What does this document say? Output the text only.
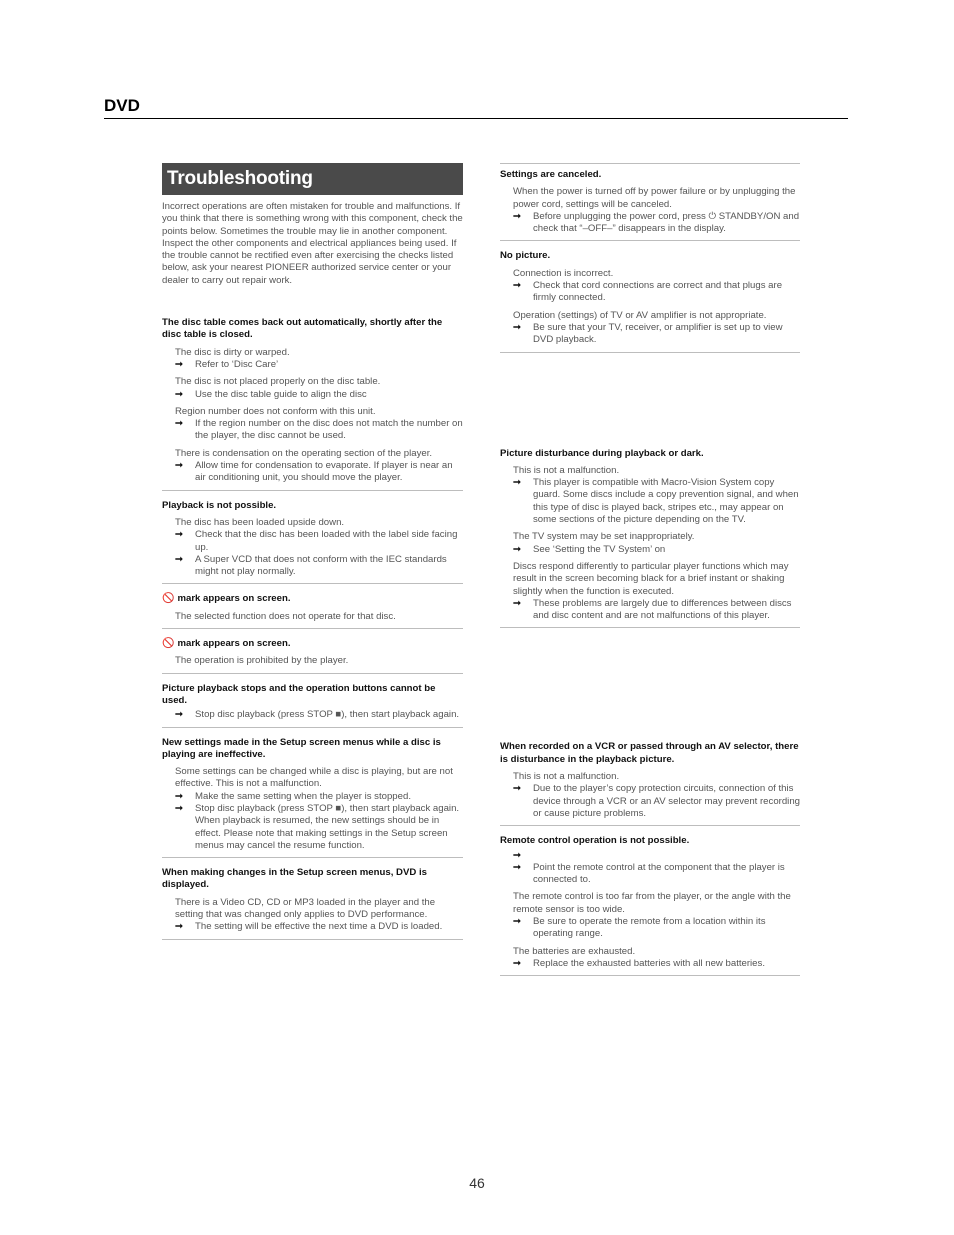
DVD
Troubleshooting
Incorrect operations are often mistaken for trouble and malfunctions. If you think that there is something wrong with this component, check the points below. Sometimes the trouble may lie in another component. Inspect the other components and electrical appliances being used. If the trouble cannot be rectified even after exercising the checks listed below, ask your nearest PIONEER authorized service center or your dealer to carry out repair work.
The disc table comes back out automatically, shortly after the disc table is closed.
The disc is dirty or warped.
➞	Refer to ‘Disc Care’
The disc is not placed properly on the disc table.
➞	Use the disc table guide to align the disc
Region number does not conform with this unit.
➞	If the region number on the disc does not match the number on the player, the disc cannot be used.
There is condensation on the operating section of the player.
➞	Allow time for condensation to evaporate. If player is near an air conditioning unit, you should move the player.
Playback is not possible.
The disc has been loaded upside down.
➞	Check that the disc has been loaded with the label side facing up.
➞	A Super VCD that does not conform with the IEC standards might not play normally.
🚫 mark appears on screen.
The selected function does not operate for that disc.
🚫 mark appears on screen.
The operation is prohibited by the player.
Picture playback stops and the operation buttons cannot be used.
➞	Stop disc playback (press STOP ■), then start playback again.
New settings made in the Setup screen menus while a disc is playing are ineffective.
Some settings can be changed while a disc is playing, but are not effective. This is not a malfunction.
➞	Make the same setting when the player is stopped.
➞	Stop disc playback (press STOP ■), then start playback again. When playback is resumed, the new settings should be in effect. Please note that making settings in the Setup screen menus may cancel the resume function.
When making changes in the Setup screen menus, DVD is displayed.
There is a Video CD, CD or MP3 loaded in the player and the setting that was changed only applies to DVD performance.
➞	The setting will be effective the next time a DVD is loaded.
Settings are canceled.
When the power is turned off by power failure or by unplugging the power cord, settings will be canceled.
➞	Before unplugging the power cord, press ⏻ STANDBY/ON and check that “–OFF–” disappears in the display.
No picture.
Connection is incorrect.
➞	Check that cord connections are correct and that plugs are firmly connected.
Operation (settings) of TV or AV amplifier is not appropriate.
➞	Be sure that your TV, receiver, or amplifier is set up to view DVD playback.
Picture disturbance during playback or dark.
This is not a malfunction.
➞	This player is compatible with Macro-Vision System copy guard. Some discs include a copy prevention signal, and when this type of disc is played back, stripes etc., may appear on some sections of the picture depending on the TV.
The TV system may be set inappropriately.
➞	See ‘Setting the TV System’ on
Discs respond differently to particular player functions which may result in the screen becoming black for a brief instant or shaking slightly when the function is executed.
➞	These problems are largely due to differences between discs and disc content and are not malfunctions of this player.
When recorded on a VCR or passed through an AV selector, there is disturbance in the playback picture.
This is not a malfunction.
➞	Due to the player’s copy protection circuits, connection of this device through a VCR or an AV selector may prevent recording or cause picture problems.
Remote control operation is not possible.
➞
➞	Point the remote control at the component that the player is connected to.
The remote control is too far from the player, or the angle with the remote sensor is too wide.
➞	Be sure to operate the remote from a location within its operating range.
The batteries are exhausted.
➞	Replace the exhausted batteries with all new batteries.
46
